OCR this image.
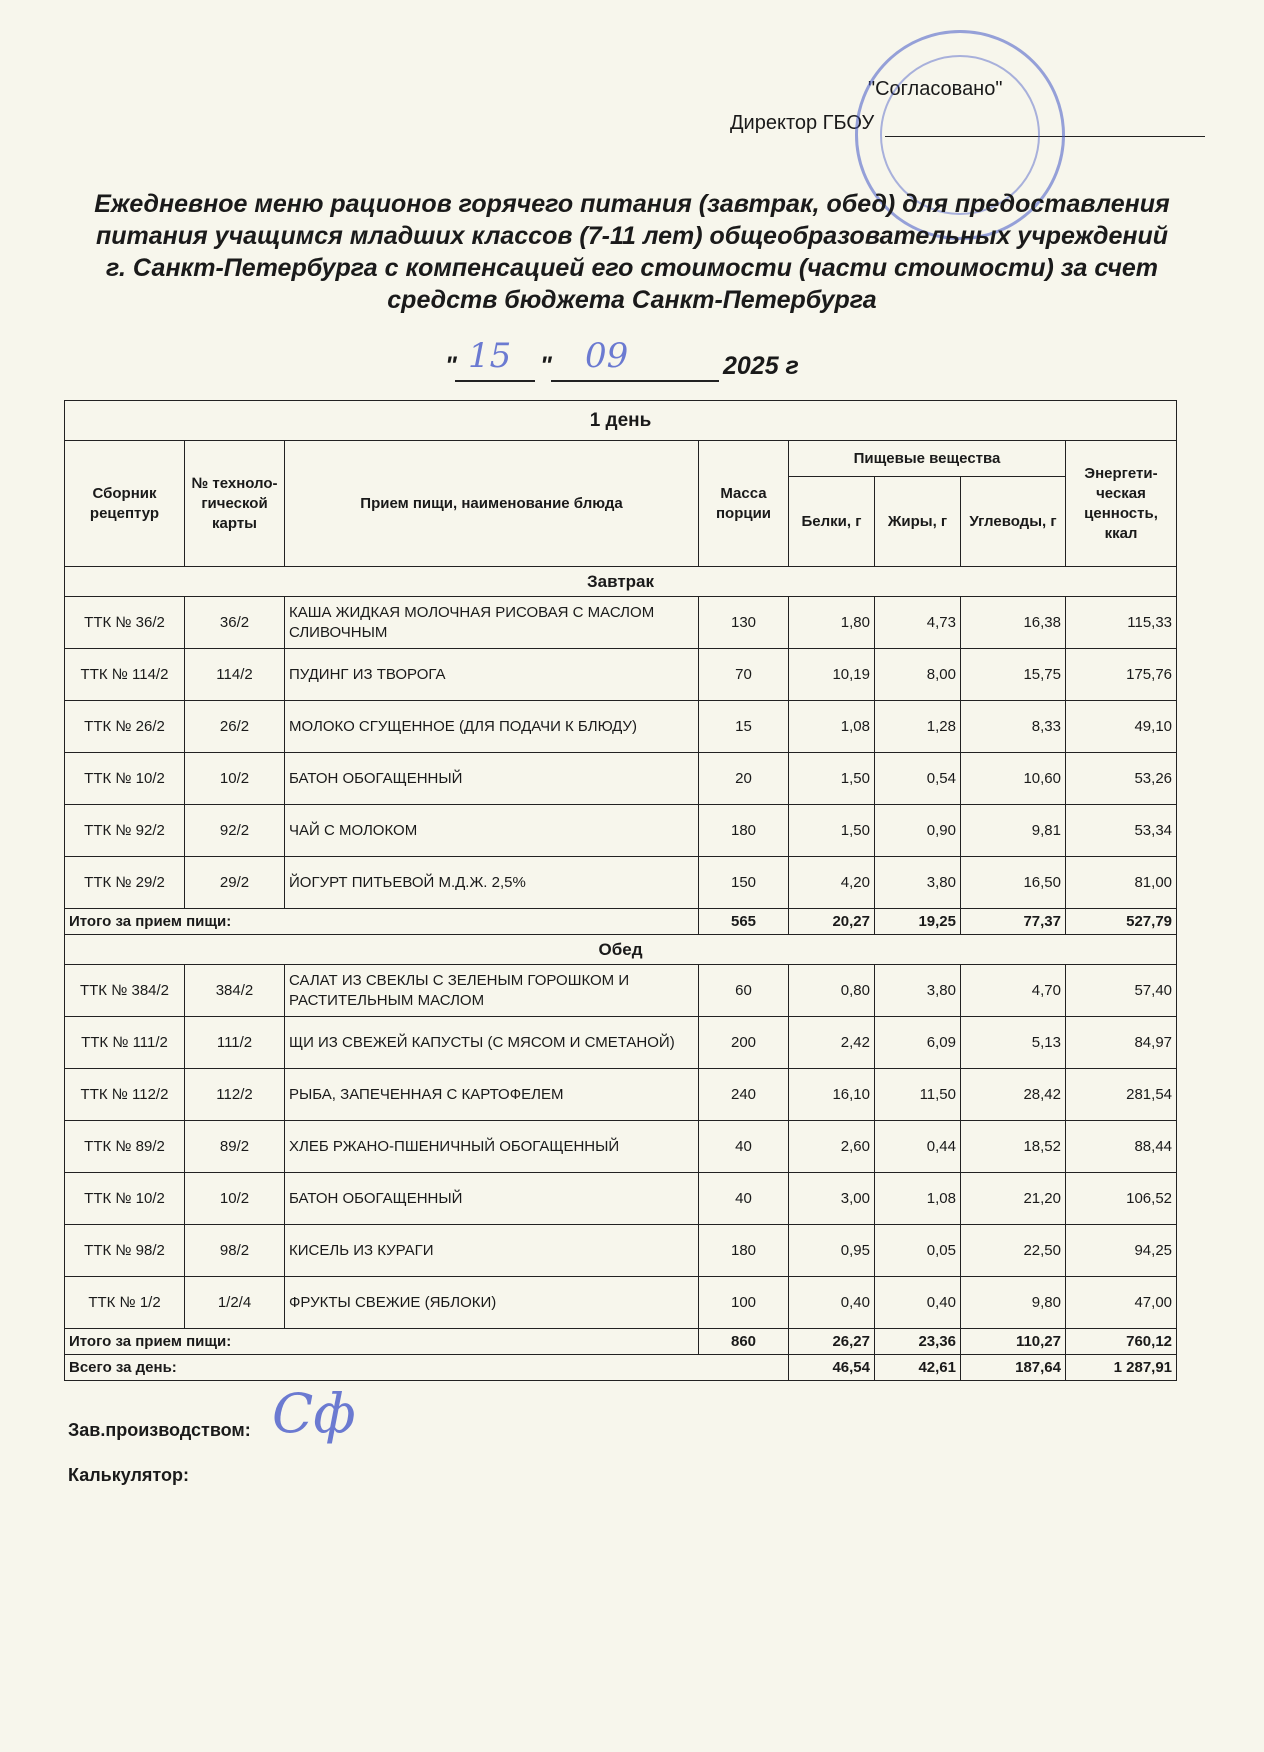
"Согласовано"
Директор ГБОУ
Ежедневное меню рационов горячего питания (завтрак, обед) для предоставления
питания учащимся младших классов (7-11 лет) общеобразовательных учреждений
г. Санкт-Петербурга с компенсацией его стоимости (части стоимости) за счет
средств бюджета Санкт-Петербурга
"	"	2025 г
15 09
1 день							
Сборник рецептур	№ техноло-гической карты	Прием пищи, наименование блюда	Масса порции	Пищевые вещества			Энергети-ческая ценность, ккал
				Белки, г	Жиры, г	Углеводы, г	
Завтрак							
ТТК № 36/2	36/2	КАША ЖИДКАЯ МОЛОЧНАЯ РИСОВАЯ С МАСЛОМ СЛИВОЧНЫМ	130	1,80	4,73	16,38	115,33
ТТК № 114/2	114/2	ПУДИНГ ИЗ ТВОРОГА	70	10,19	8,00	15,75	175,76
ТТК № 26/2	26/2	МОЛОКО СГУЩЕННОЕ (ДЛЯ ПОДАЧИ К БЛЮДУ)	15	1,08	1,28	8,33	49,10
ТТК № 10/2	10/2	БАТОН ОБОГАЩЕННЫЙ	20	1,50	0,54	10,60	53,26
ТТК № 92/2	92/2	ЧАЙ С МОЛОКОМ	180	1,50	0,90	9,81	53,34
ТТК № 29/2	29/2	ЙОГУРТ ПИТЬЕВОЙ М.Д.Ж. 2,5%	150	4,20	3,80	16,50	81,00
Итого за прием пищи:			565	20,27	19,25	77,37	527,79
Обед							
ТТК № 384/2	384/2	САЛАТ ИЗ СВЕКЛЫ С ЗЕЛЕНЫМ ГОРОШКОМ И РАСТИТЕЛЬНЫМ МАСЛОМ	60	0,80	3,80	4,70	57,40
ТТК № 111/2	111/2	ЩИ ИЗ СВЕЖЕЙ КАПУСТЫ (С МЯСОМ И СМЕТАНОЙ)	200	2,42	6,09	5,13	84,97
ТТК № 112/2	112/2	РЫБА, ЗАПЕЧЕННАЯ С КАРТОФЕЛЕМ	240	16,10	11,50	28,42	281,54
ТТК № 89/2	89/2	ХЛЕБ РЖАНО-ПШЕНИЧНЫЙ ОБОГАЩЕННЫЙ	40	2,60	0,44	18,52	88,44
ТТК № 10/2	10/2	БАТОН ОБОГАЩЕННЫЙ	40	3,00	1,08	21,20	106,52
ТТК № 98/2	98/2	КИСЕЛЬ ИЗ КУРАГИ	180	0,95	0,05	22,50	94,25
ТТК № 1/2	1/2/4	ФРУКТЫ СВЕЖИЕ (ЯБЛОКИ)	100	0,40	0,40	9,80	47,00
Итого за прием пищи:			860	26,27	23,36	110,27	760,12
Всего за день:				46,54	42,61	187,64	1 287,91
Зав.производством: Сф
Калькулятор:
